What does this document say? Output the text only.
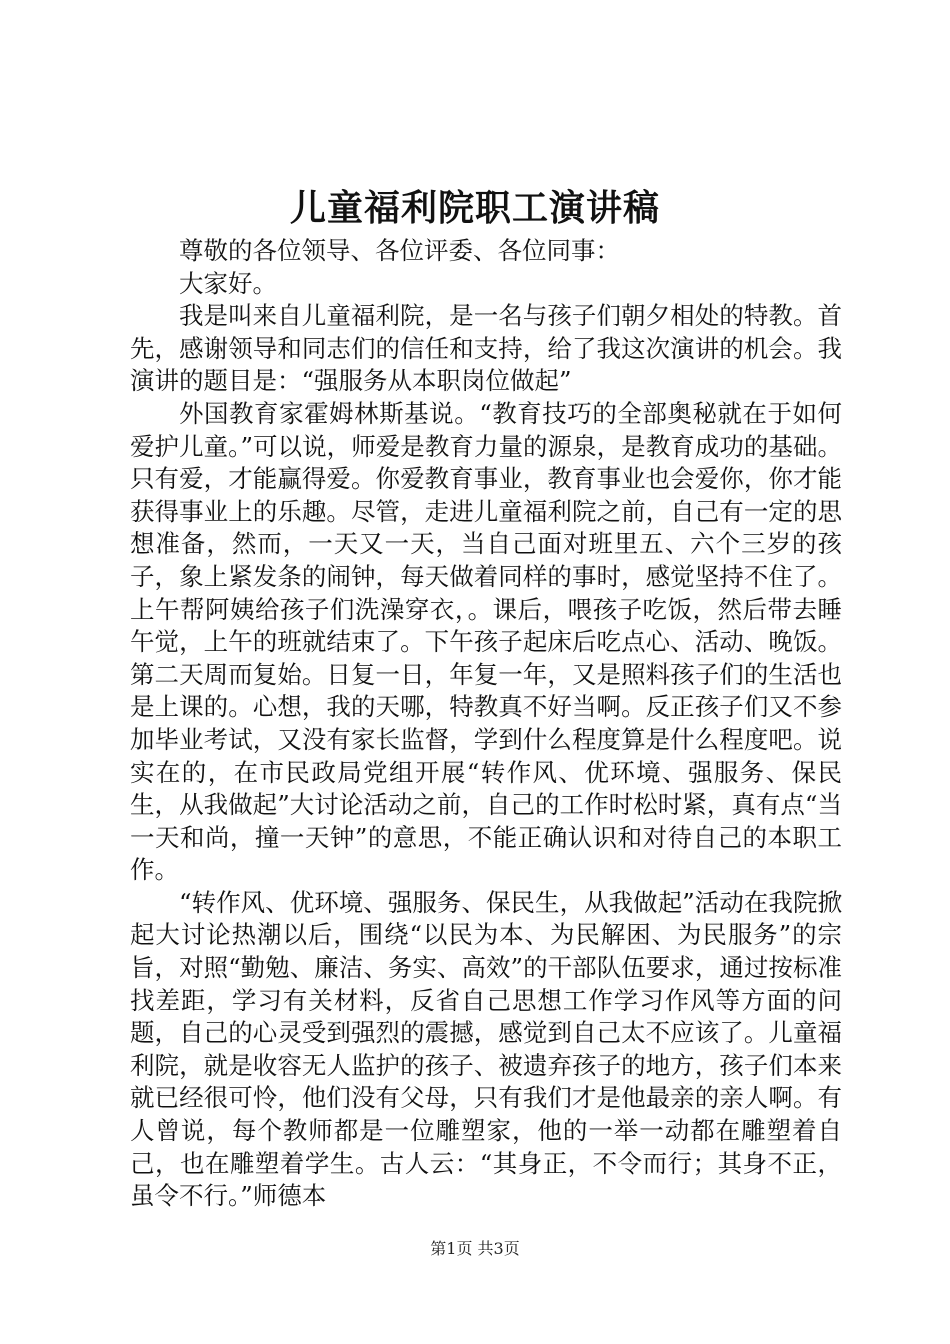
儿童福利院职工演讲稿

尊敬的各位领导、各位评委、各位同事：

大家好。

我是叫来自儿童福利院，是一名与孩子们朝夕相处的特教。首先，感谢领导和同志们的信任和支持，给了我这次演讲的机会。我演讲的题目是：“强服务从本职岗位做起”

外国教育家霍姆林斯基说。“教育技巧的全部奥秘就在于如何爱护儿童。”可以说，师爱是教育力量的源泉，是教育成功的基础。只有爱，才能赢得爱。你爱教育事业，教育事业也会爱你，你才能获得事业上的乐趣。尽管，走进儿童福利院之前，自己有一定的思想准备，然而，一天又一天，当自己面对班里五、六个三岁的孩子，象上紧发条的闹钟，每天做着同样的事时，感觉坚持不住了。上午帮阿姨给孩子们洗澡穿衣，。课后，喂孩子吃饭，然后带去睡午觉，上午的班就结束了。下午孩子起床后吃点心、活动、晚饭。第二天周而复始。日复一日，年复一年，又是照料孩子们的生活也是上课的。心想，我的天哪，特教真不好当啊。反正孩子们又不参加毕业考试，又没有家长监督，学到什么程度算是什么程度吧。说实在的，在市民政局党组开展“转作风、优环境、强服务、保民生，从我做起”大讨论活动之前，自己的工作时松时紧，真有点“当一天和尚，撞一天钟”的意思，不能正确认识和对待自己的本职工作。

“转作风、优环境、强服务、保民生，从我做起”活动在我院掀起大讨论热潮以后，围绕“以民为本、为民解困、为民服务”的宗旨，对照“勤勉、廉洁、务实、高效”的干部队伍要求，通过按标准找差距，学习有关材料，反省自己思想工作学习作风等方面的问题，自己的心灵受到强烈的震撼，感觉到自己太不应该了。儿童福利院，就是收容无人监护的孩子、被遗弃孩子的地方，孩子们本来就已经很可怜，他们没有父母，只有我们才是他最亲的亲人啊。有人曾说，每个教师都是一位雕塑家，他的一举一动都在雕塑着自己，也在雕塑着学生。古人云：“其身正，不令而行；其身不正，虽令不行。”师德本

第1页 共3页
